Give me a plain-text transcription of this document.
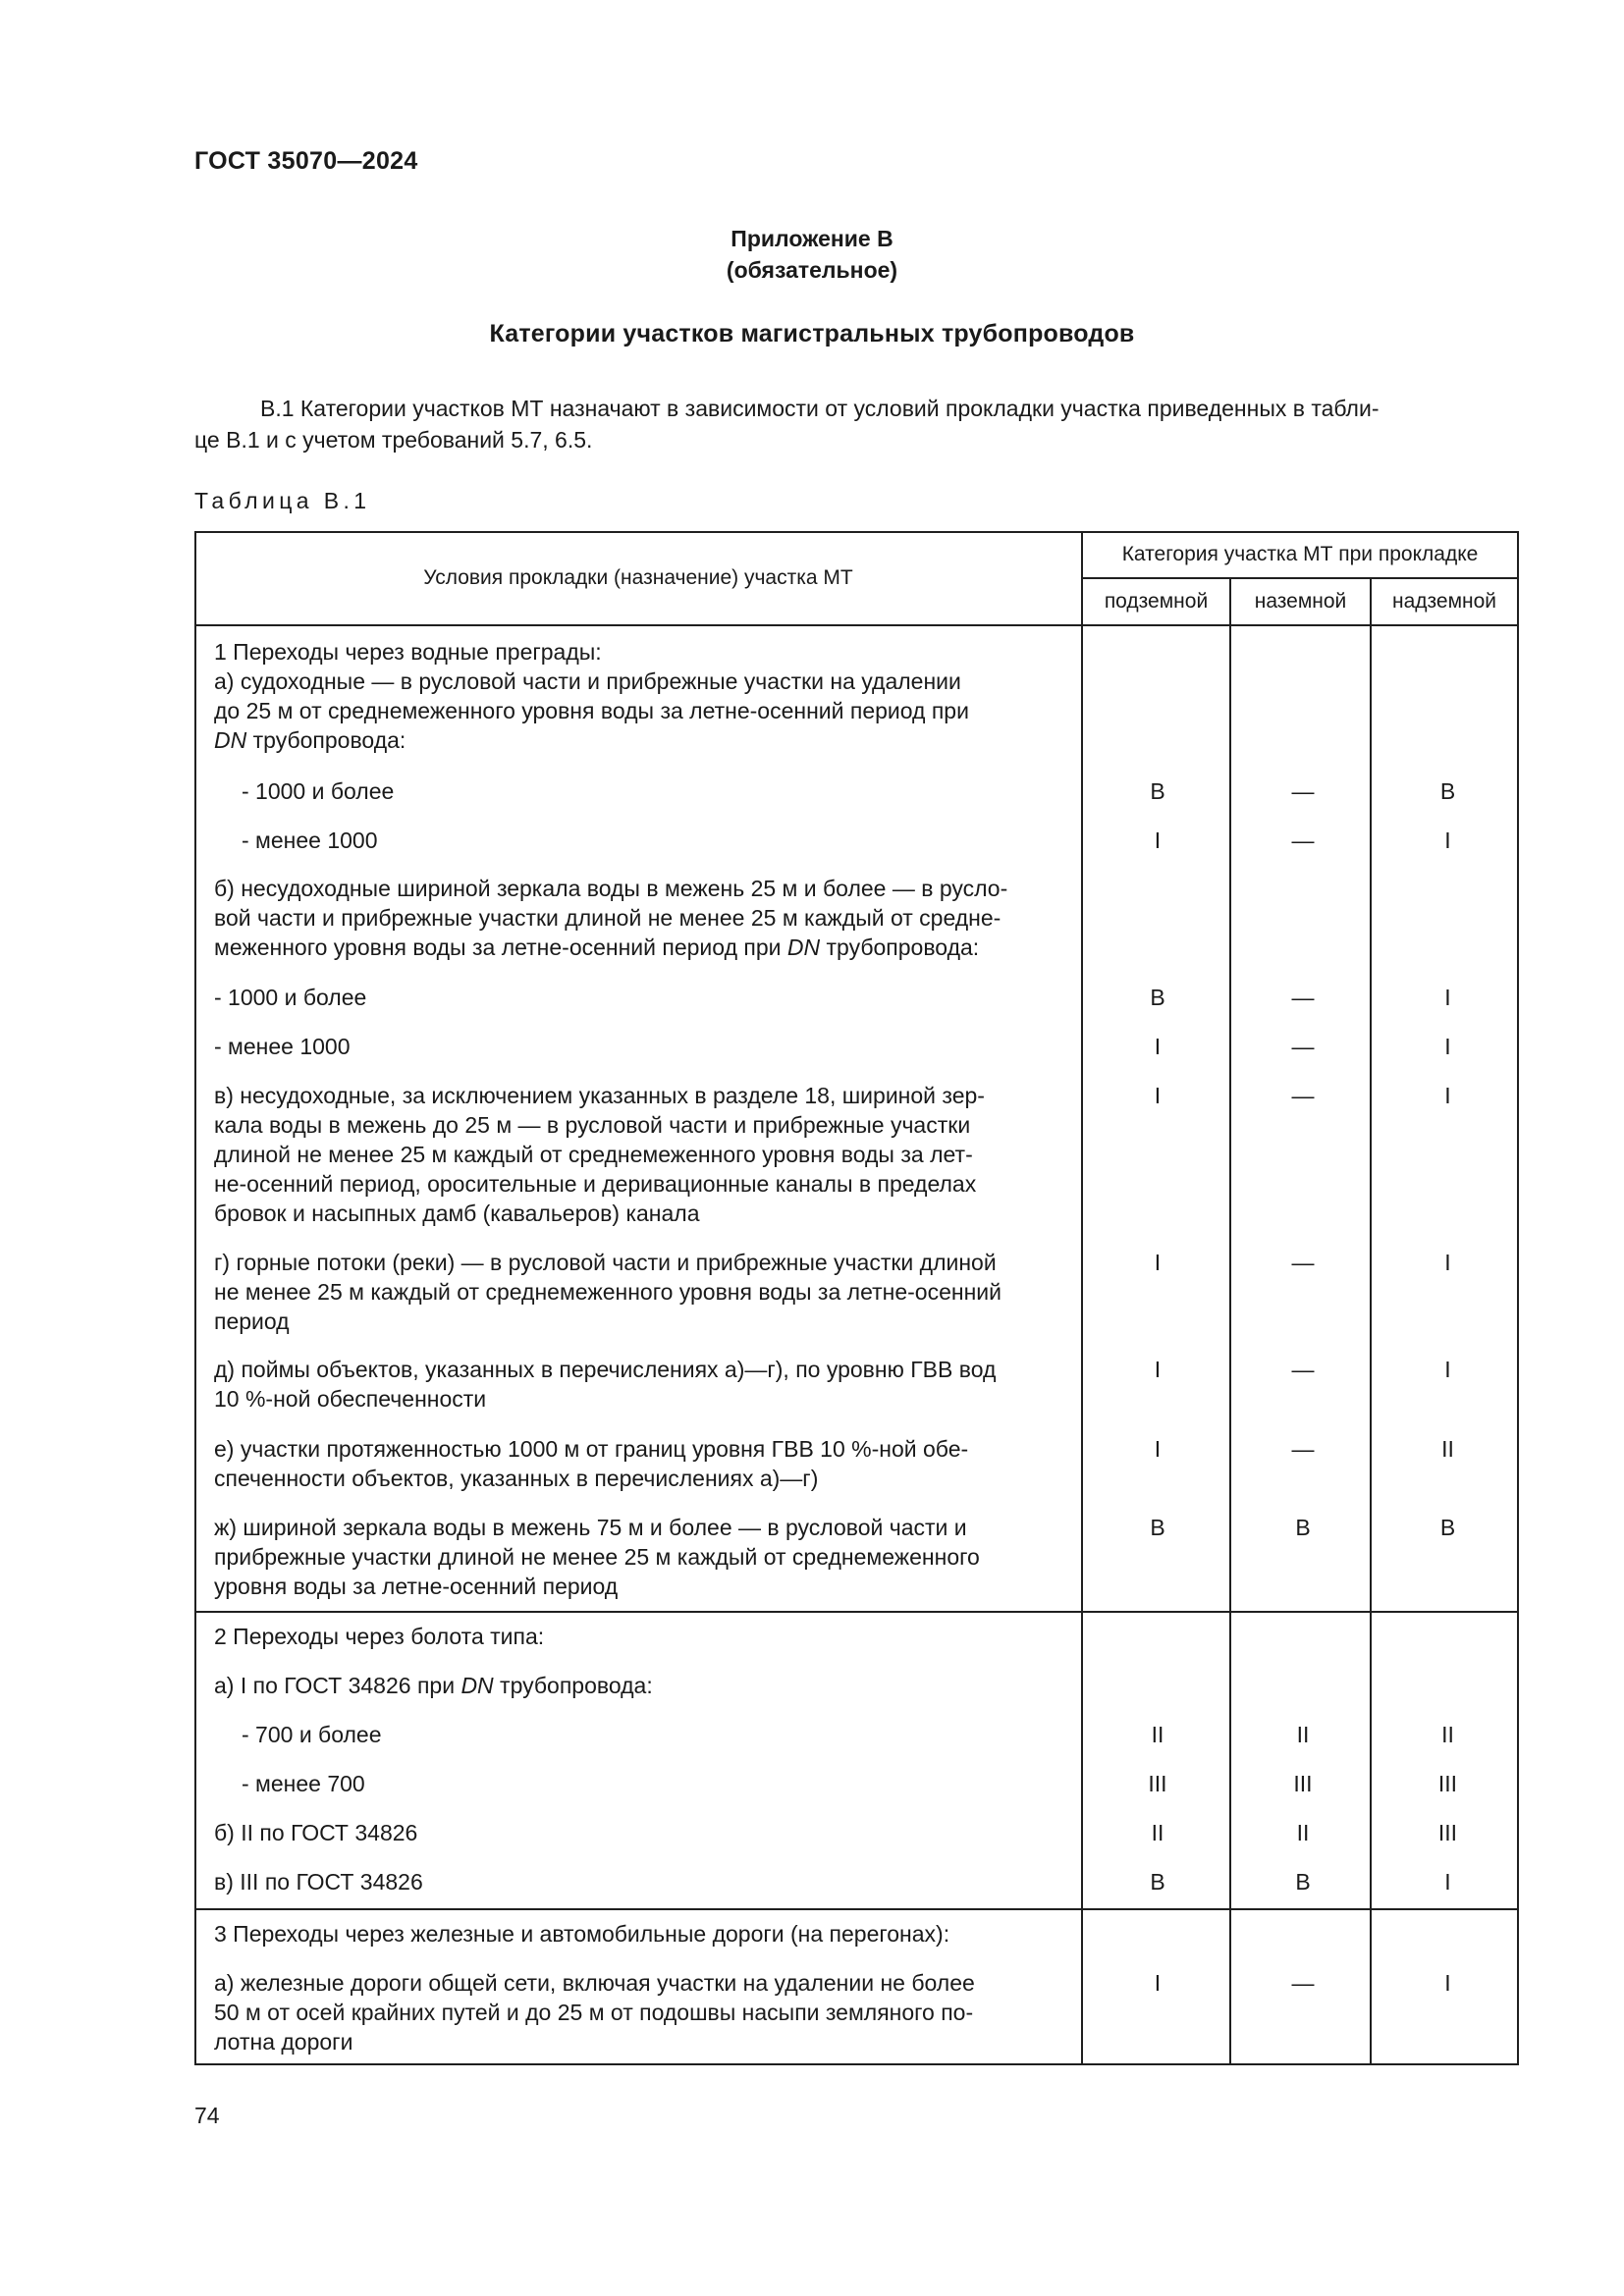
ГОСТ 35070—2024
Приложение В
(обязательное)
Категории участков магистральных трубопроводов
В.1 Категории участков МТ назначают в зависимости от условий прокладки участка приведенных в табли-
це В.1 и с учетом требований 5.7, 6.5.
Таблица В.1
Условия прокладки (назначение) участка МТ
Категория участка МТ при прокладке
подземной	наземной	надземной
1 Переходы через водные преграды:
а) судоходные — в русловой части и прибрежные участки на удалении
до 25 м от среднемеженного уровня воды за летне-осенний период при
DN трубопровода:
- 1000 и более	В	—	В
- менее 1000	I	—	I
б) несудоходные шириной зеркала воды в межень 25 м и более — в русло-
вой части и прибрежные участки длиной не менее 25 м каждый от средне-
меженного уровня воды за летне-осенний период при DN трубопровода:
- 1000 и более	В	—	I
- менее 1000	I	—	I
в) несудоходные, за исключением указанных в разделе 18, шириной зер-
кала воды в межень до 25 м — в русловой части и прибрежные участки
длиной не менее 25 м каждый от среднемеженного уровня воды за лет-
не-осенний период, оросительные и деривационные каналы в пределах
бровок и насыпных дамб (кавальеров) канала
I	—	I
г) горные потоки (реки) — в русловой части и прибрежные участки длиной
не менее 25 м каждый от среднемеженного уровня воды за летне-осенний
период
I	—	I
д) поймы объектов, указанных в перечислениях а)—г), по уровню ГВВ вод
10 %-ной обеспеченности
I	—	I
е) участки протяженностью 1000 м от границ уровня ГВВ 10 %-ной обе-
спеченности объектов, указанных в перечислениях а)—г)
I	—	II
ж) шириной зеркала воды в межень 75 м и более — в русловой части и
прибрежные участки длиной не менее 25 м каждый от среднемеженного
уровня воды за летне-осенний период
В	В	В
2 Переходы через болота типа:
а) I по ГОСТ 34826 при DN трубопровода:
- 700 и более	II	II	II
- менее 700	III	III	III
б) II по ГОСТ 34826	II	II	III
в) III по ГОСТ 34826	В	В	I
3 Переходы через железные и автомобильные дороги (на перегонах):
а) железные дороги общей сети, включая участки на удалении не более
50 м от осей крайних путей и до 25 м от подошвы насыпи земляного по-
лотна дороги
I	—	I
74
